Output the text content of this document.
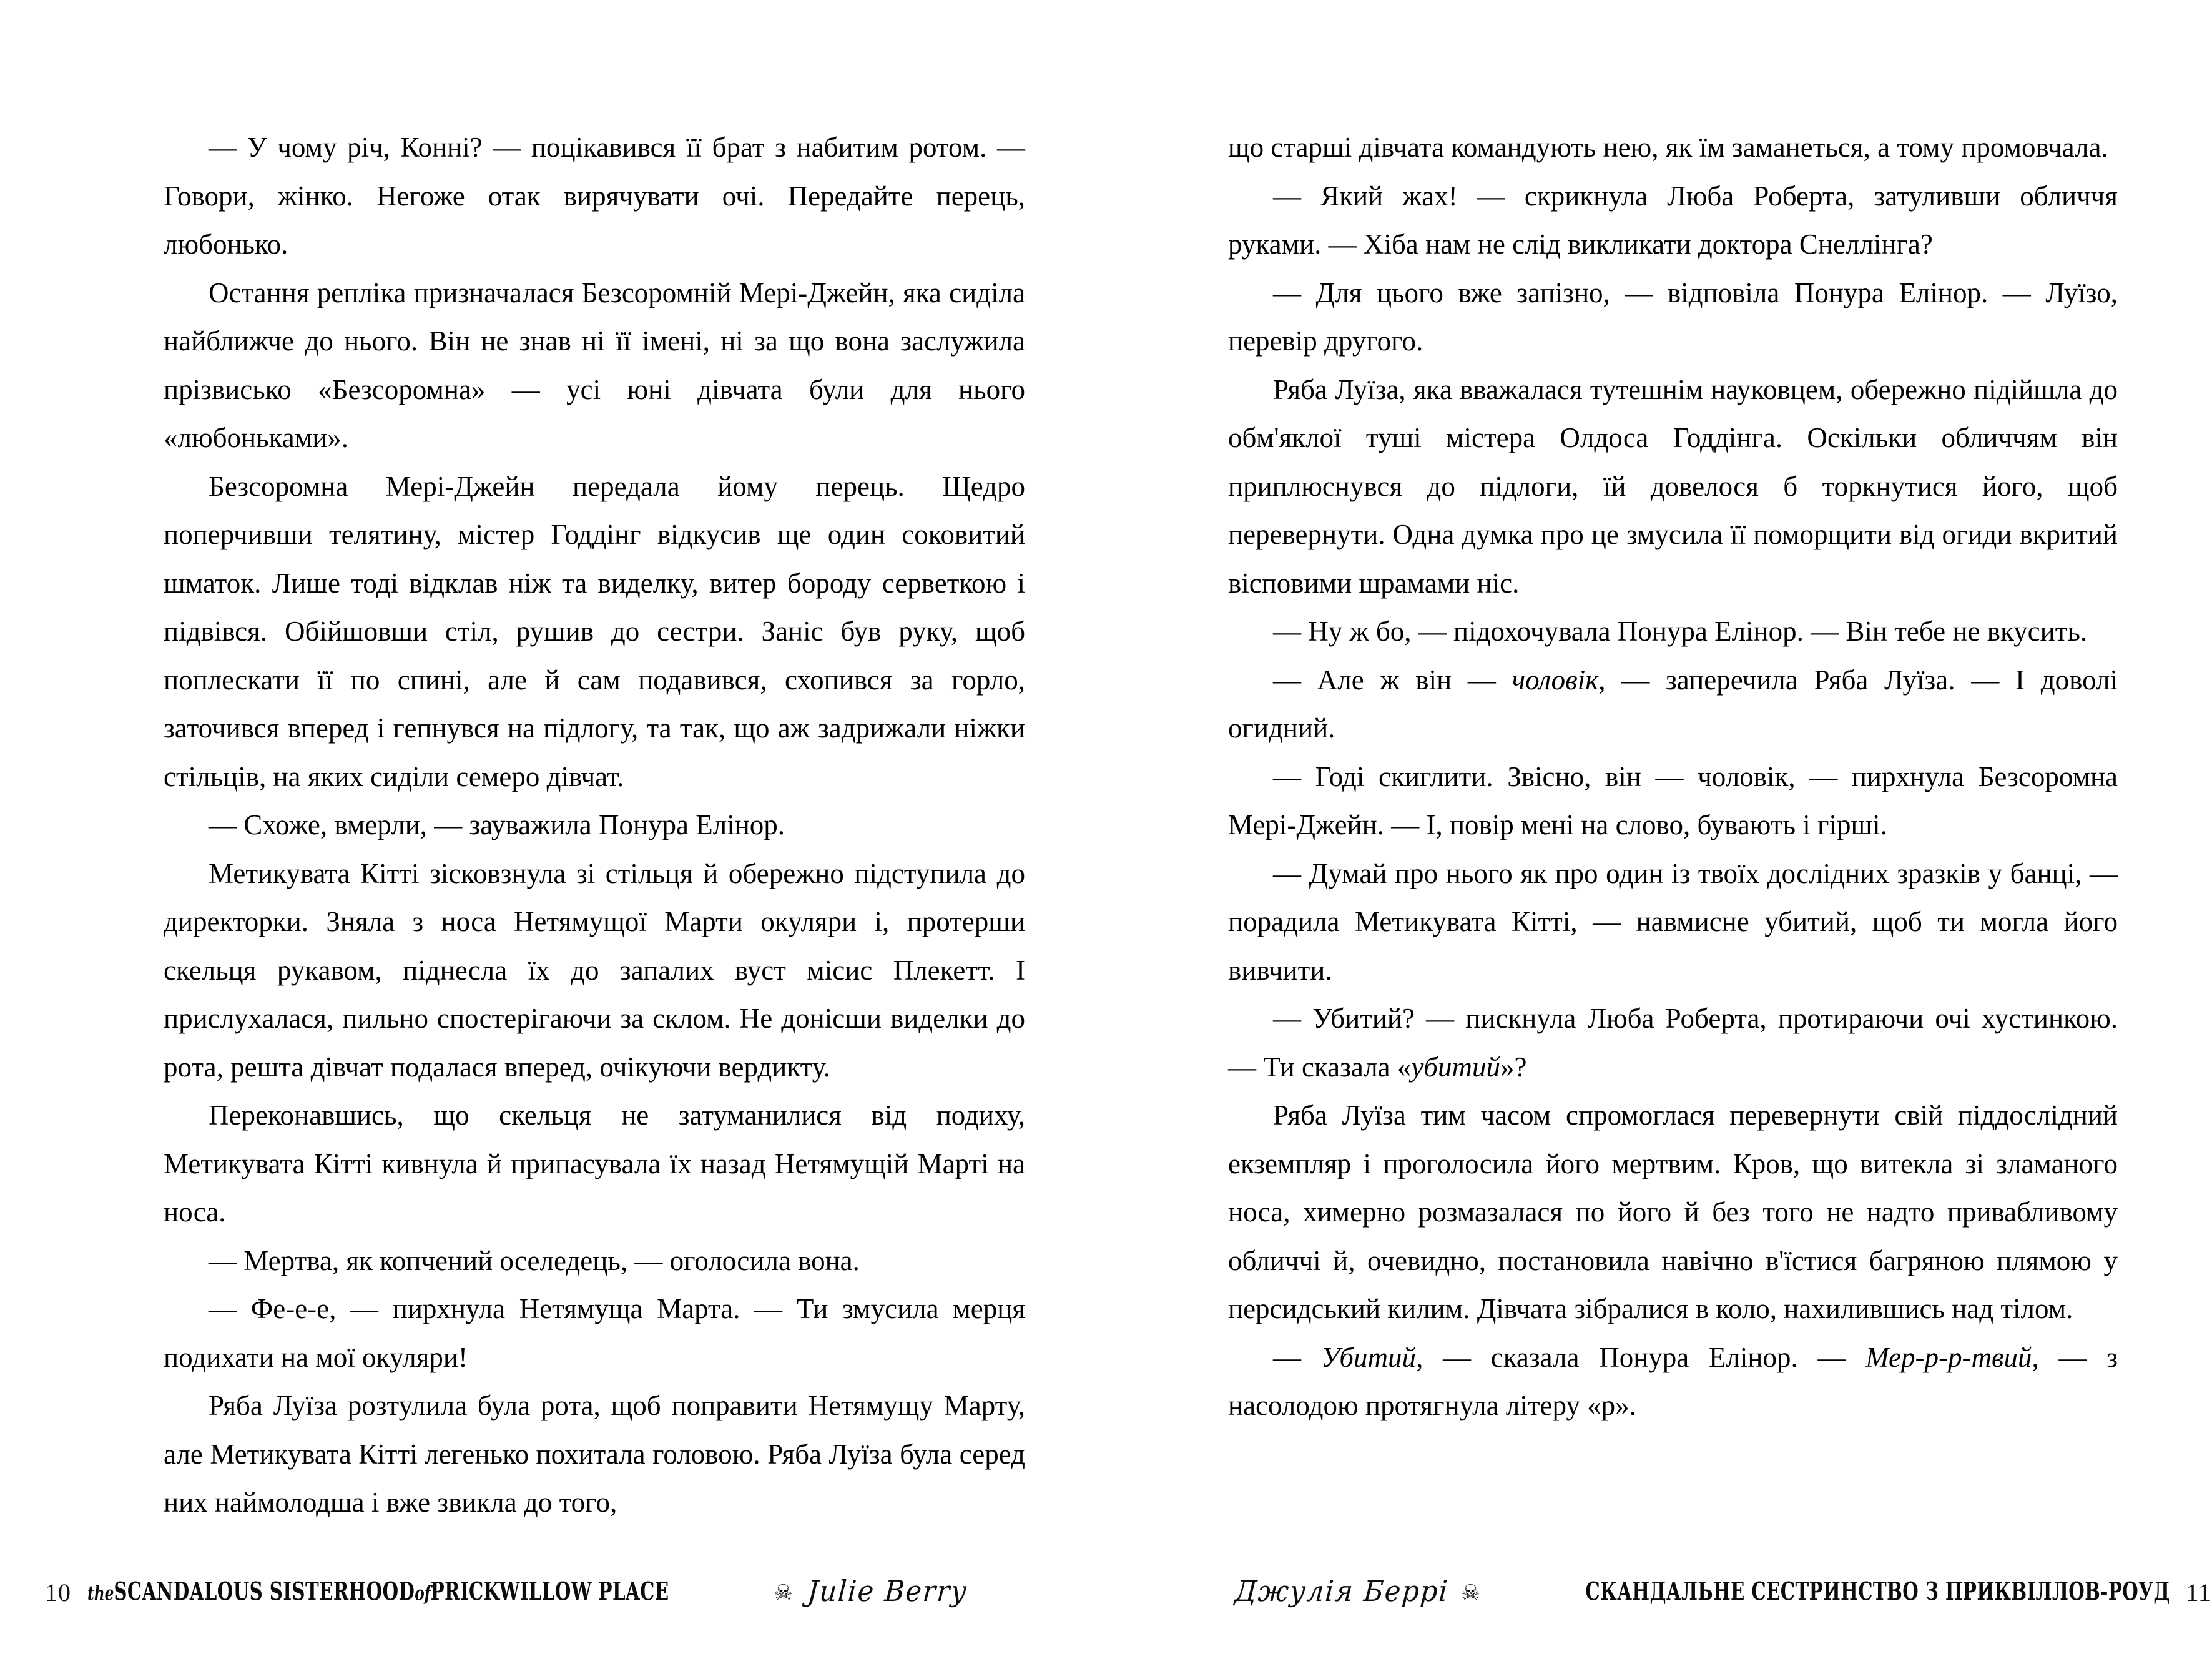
— У чому річ, Конні? — поцікавився її брат з набитим ротом. — Говори, жінко. Негоже отак вирячувати очі. Передайте перець, любонько.

Остання репліка призначалася Безсоромній Мері-Джейн, яка сиділа найближче до нього. Він не знав ні її імені, ні за що вона заслужила прізвисько «Безсоромна» — усі юні дівчата були для нього «любоньками».

Безсоромна Мері-Джейн передала йому перець. Щедро поперчивши телятину, містер Годдінг відкусив ще один соковитий шматок. Лише тоді відклав ніж та виделку, витер бороду серветкою і підвівся. Обійшовши стіл, рушив до сестри. Заніс був руку, щоб поплескати її по спині, але й сам подавився, схопився за горло, заточився вперед і гепнувся на підлогу, та так, що аж задрижали ніжки стільців, на яких сиділи семеро дівчат.

— Схоже, вмерли, — зауважила Понура Елінор.

Метикувата Кітті зісковзнула зі стільця й обережно підступила до директорки. Зняла з носа Нетямущої Марти окуляри і, протерши скельця рукавом, піднесла їх до запалих вуст місис Плекетт. І прислухалася, пильно спостерігаючи за склом. Не донісши виделки до рота, решта дівчат подалася вперед, очікуючи вердикту.

Переконавшись, що скельця не затуманилися від подиху, Метикувата Кітті кивнула й припасувала їх назад Нетямущій Марті на носа.

— Мертва, як копчений оселедець, — оголосила вона.

— Фе-е-е, — пирхнула Нетямуща Марта. — Ти змусила мерця подихати на мої окуляри!

Ряба Луїза розтулила була рота, щоб поправити Нетямущу Марту, але Метикувата Кітті легенько похитала головою. Ряба Луїза була серед них наймолодша і вже звикла до того,

10 theSCANDALOUS SISTERHOODofPRICKWILLOW PLACE	☠ Julie Berry

що старші дівчата командують нею, як їм заманеться, а тому промовчала.

— Який жах! — скрикнула Люба Роберта, затуливши обличчя руками. — Хіба нам не слід викликати доктора Снеллінга?

— Для цього вже запізно, — відповіла Понура Елінор. — Луїзо, перевір другого.

Ряба Луїза, яка вважалася тутешнім науковцем, обережно підійшла до обм'яклої туші містера Олдоса Годдінга. Оскільки обличчям він приплюснувся до підлоги, їй довелося б торкнутися його, щоб перевернути. Одна думка про це змусила її поморщити від огиди вкритий вісповими шрамами ніс.

— Ну ж бо, — підохочувала Понура Елінор. — Він тебе не вкусить.

— Але ж він — чоловік, — заперечила Ряба Луїза. — І доволі огидний.

— Годі скиглити. Звісно, він — чоловік, — пирхнула Безсоромна Мері-Джейн. — І, повір мені на слово, бувають і гірші.

— Думай про нього як про один із твоїх дослідних зразків у банці, — порадила Метикувата Кітті, — навмисне убитий, щоб ти могла його вивчити.

— Убитий? — пискнула Люба Роберта, протираючи очі хустинкою. — Ти сказала «убитий»?

Ряба Луїза тим часом спромоглася перевернути свій піддослідний екземпляр і проголосила його мертвим. Кров, що витекла зі зламаного носа, химерно розмазалася по його й без того не надто привабливому обличчі й, очевидно, постановила навічно в'їстися багряною плямою у персидський килим. Дівчата зібралися в коло, нахилившись над тілом.

— Убитий, — сказала Понура Елінор. — Мер-р-р-твий, — з насолодою протягнула літеру «р».

Джулія Беррі ☠	СКАНДАЛЬНЕ СЕСТРИНСТВО З ПРИКВІЛЛОВ-РОУД 11
